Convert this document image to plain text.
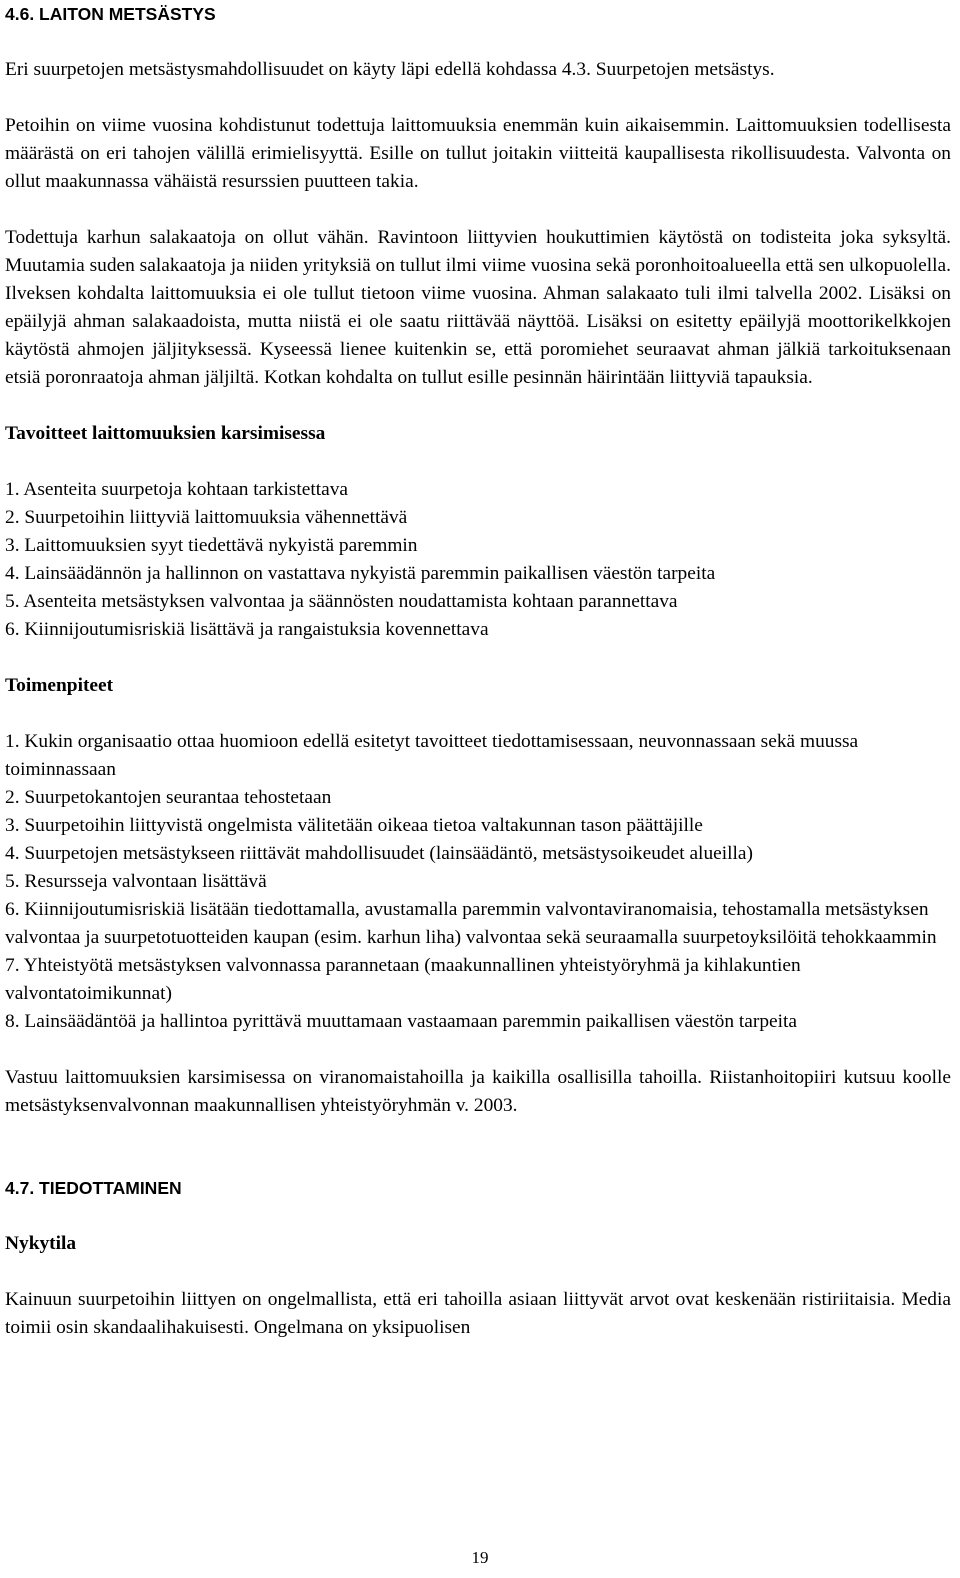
4.6. LAITON METSÄSTYS

Eri suurpetojen metsästysmahdollisuudet on käyty läpi edellä kohdassa 4.3. Suurpetojen metsästys.

Petoihin on viime vuosina kohdistunut todettuja laittomuuksia enemmän kuin aikaisemmin. Laittomuuksien todellisesta määrästä on eri tahojen välillä erimielisyyttä. Esille on tullut joitakin viitteitä kaupallisesta rikollisuudesta. Valvonta on ollut maakunnassa vähäistä resurssien puutteen takia.

Todettuja karhun salakaatoja on ollut vähän. Ravintoon liittyvien houkuttimien käytöstä on todisteita joka syksyltä. Muutamia suden salakaatoja ja niiden yrityksiä on tullut ilmi viime vuosina sekä poronhoitoalueella että sen ulkopuolella. Ilveksen kohdalta laittomuuksia ei ole tullut tietoon viime vuosina. Ahman salakaato tuli ilmi talvella 2002. Lisäksi on epäilyjä ahman salakaadoista, mutta niistä ei ole saatu riittävää näyttöä. Lisäksi on esitetty epäilyjä moottorikelkkojen käytöstä ahmojen jäljityksessä. Kyseessä lienee kuitenkin se, että poromiehet seuraavat ahman jälkiä tarkoituksenaan etsiä poronraatoja ahman jäljiltä. Kotkan kohdalta on tullut esille pesinnän häirintään liittyviä tapauksia.

Tavoitteet laittomuuksien karsimisessa

1. Asenteita suurpetoja kohtaan tarkistettava

2. Suurpetoihin liittyviä laittomuuksia vähennettävä

3. Laittomuuksien syyt tiedettävä nykyistä paremmin

4. Lainsäädännön ja hallinnon on vastattava nykyistä paremmin paikallisen väestön tarpeita

5. Asenteita metsästyksen valvontaa ja säännösten noudattamista kohtaan parannettava

6. Kiinnijoutumisriskiä lisättävä ja rangaistuksia kovennettava

Toimenpiteet

1. Kukin organisaatio ottaa huomioon edellä esitetyt tavoitteet tiedottamisessaan, neuvonnassaan sekä muussa toiminnassaan

2. Suurpetokantojen seurantaa tehostetaan

3. Suurpetoihin liittyvistä ongelmista välitetään oikeaa tietoa valtakunnan tason päättäjille

4. Suurpetojen metsästykseen riittävät mahdollisuudet (lainsäädäntö, metsästysoikeudet alueilla)

5. Resursseja valvontaan lisättävä

6. Kiinnijoutumisriskiä lisätään tiedottamalla, avustamalla paremmin valvontaviranomaisia, tehostamalla metsästyksen valvontaa ja suurpetotuotteiden kaupan (esim. karhun liha) valvontaa sekä seuraamalla suurpetoyksilöitä tehokkaammin

7. Yhteistyötä metsästyksen valvonnassa parannetaan (maakunnallinen yhteistyöryhmä ja kihlakuntien valvontatoimikunnat)

8. Lainsäädäntöä ja hallintoa pyrittävä muuttamaan vastaamaan paremmin paikallisen väestön tarpeita

Vastuu laittomuuksien karsimisessa on viranomaistahoilla ja kaikilla osallisilla tahoilla. Riistanhoitopiiri kutsuu koolle metsästyksenvalvonnan maakunnallisen yhteistyöryhmän v. 2003.

4.7. TIEDOTTAMINEN
Nykytila

Kainuun suurpetoihin liittyen on ongelmallista, että eri tahoilla asiaan liittyvät arvot ovat keskenään ristiriitaisia. Media toimii osin skandaalihakuisesti. Ongelmana on yksipuolisen

19
